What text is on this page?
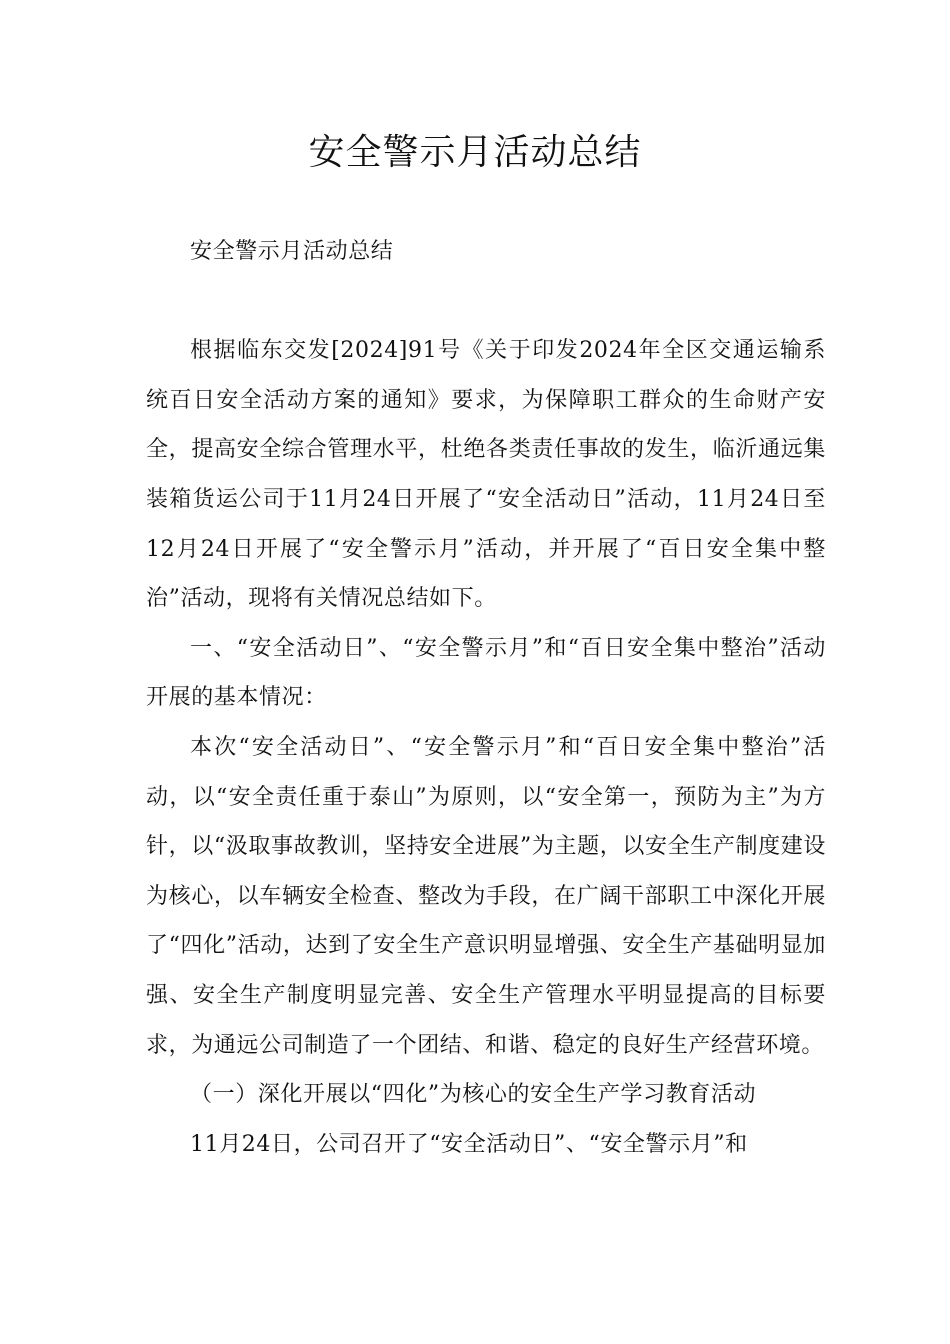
安全警示月活动总结

安全警示月活动总结

根据临东交发[2024]91号《关于印发2024年全区交通运输系统百日安全活动方案的通知》要求，为保障职工群众的生命财产安全，提高安全综合管理水平，杜绝各类责任事故的发生，临沂通远集装箱货运公司于11月24日开展了“安全活动日”活动，11月24日至12月24日开展了“安全警示月”活动，并开展了“百日安全集中整治”活动，现将有关情况总结如下。

一、“安全活动日”、“安全警示月”和“百日安全集中整治”活动开展的基本情况：

本次“安全活动日”、“安全警示月”和“百日安全集中整治”活动，以“安全责任重于泰山”为原则，以“安全第一，预防为主”为方针，以“汲取事故教训，坚持安全进展”为主题，以安全生产制度建设为核心，以车辆安全检查、整改为手段，在广阔干部职工中深化开展了“四化”活动，达到了安全生产意识明显增强、安全生产基础明显加强、安全生产制度明显完善、安全生产管理水平明显提高的目标要求，为通远公司制造了一个团结、和谐、稳定的良好生产经营环境。

（一）深化开展以“四化”为核心的安全生产学习教育活动

11月24日，公司召开了“安全活动日”、“安全警示月”和
